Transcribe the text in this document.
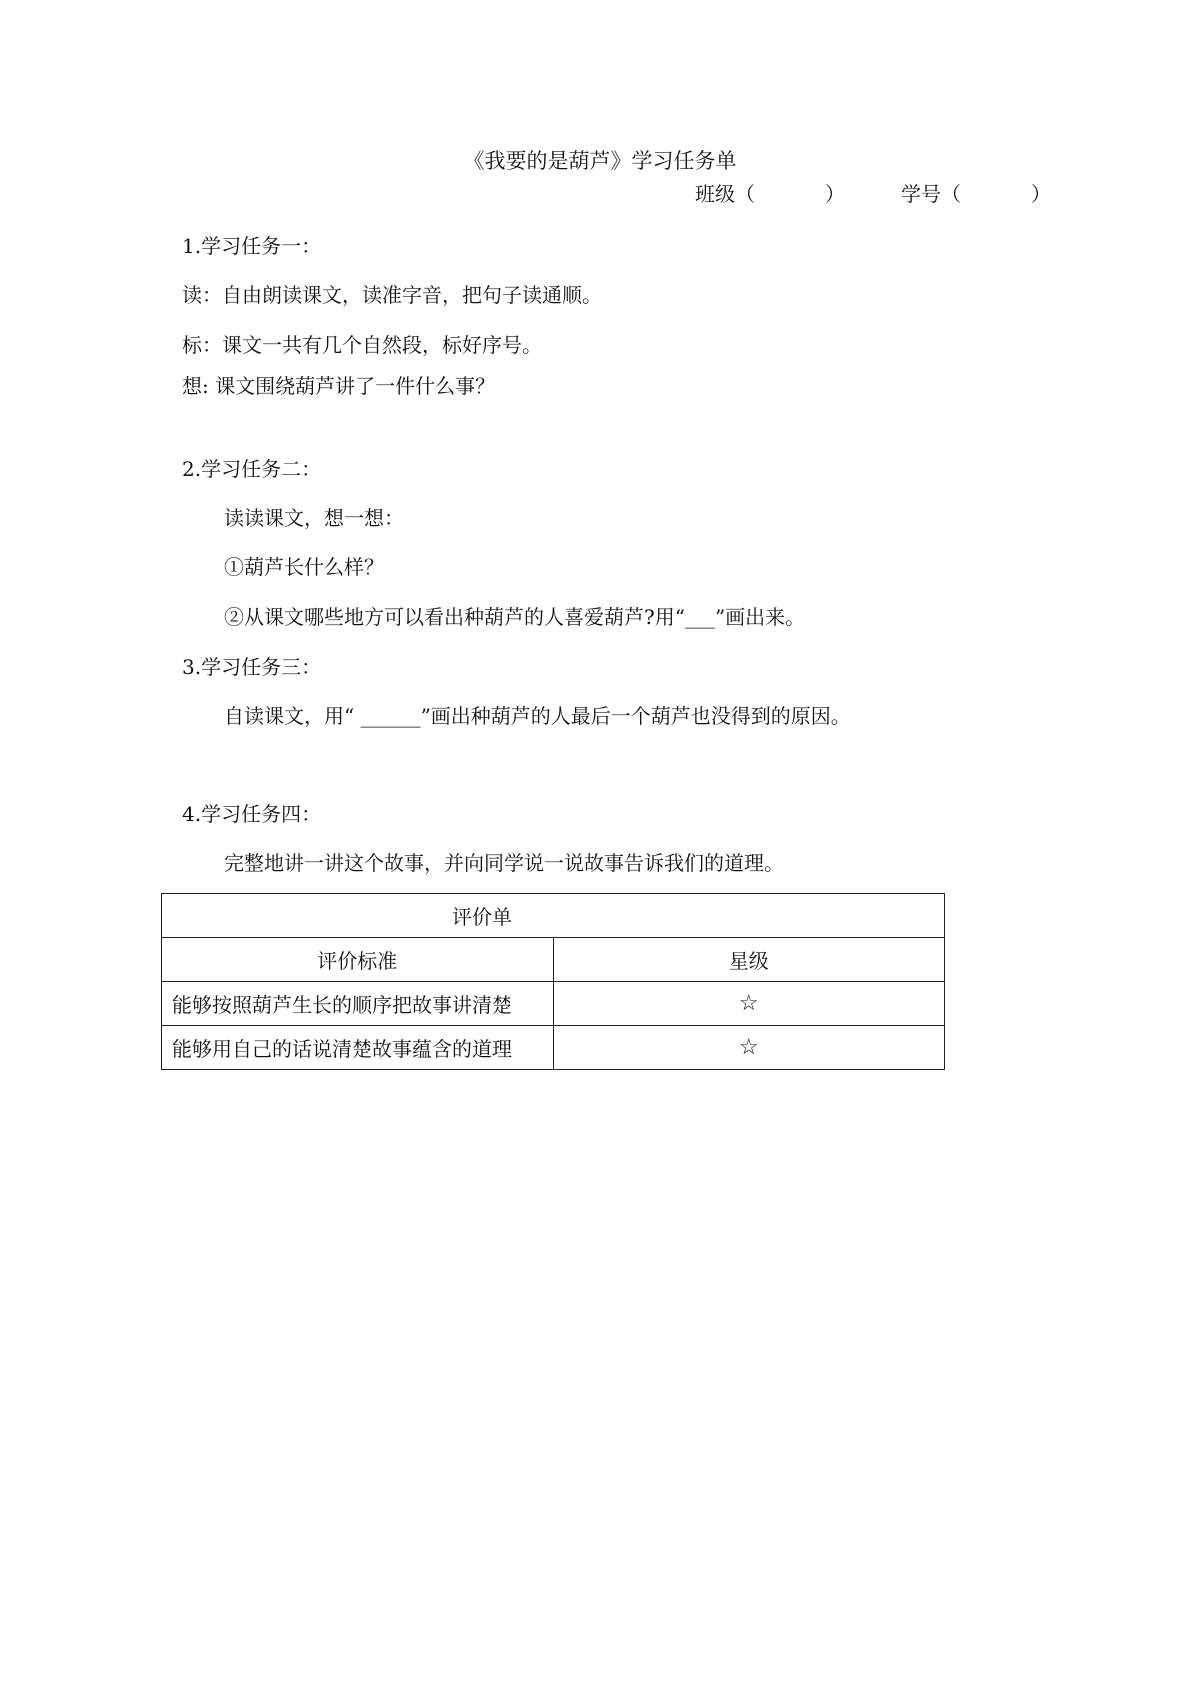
《我要的是葫芦》学习任务单

班级（	）	学号（	）

1.学习任务一：

读：自由朗读课文，读准字音，把句子读通顺。

标：课文一共有几个自然段，标好序号。

想: 课文围绕葫芦讲了一件什么事？

2.学习任务二：

读读课文，想一想：

①葫芦长什么样？

②从课文哪些地方可以看出种葫芦的人喜爱葫芦?用“___”画出来。

3.学习任务三：

自读课文，用“ ______”画出种葫芦的人最后一个葫芦也没得到的原因。

4.学习任务四：

完整地讲一讲这个故事，并向同学说一说故事告诉我们的道理。

评价单	
评价标准	星级
能够按照葫芦生长的顺序把故事讲清楚	☆
能够用自己的话说清楚故事蕴含的道理	☆
